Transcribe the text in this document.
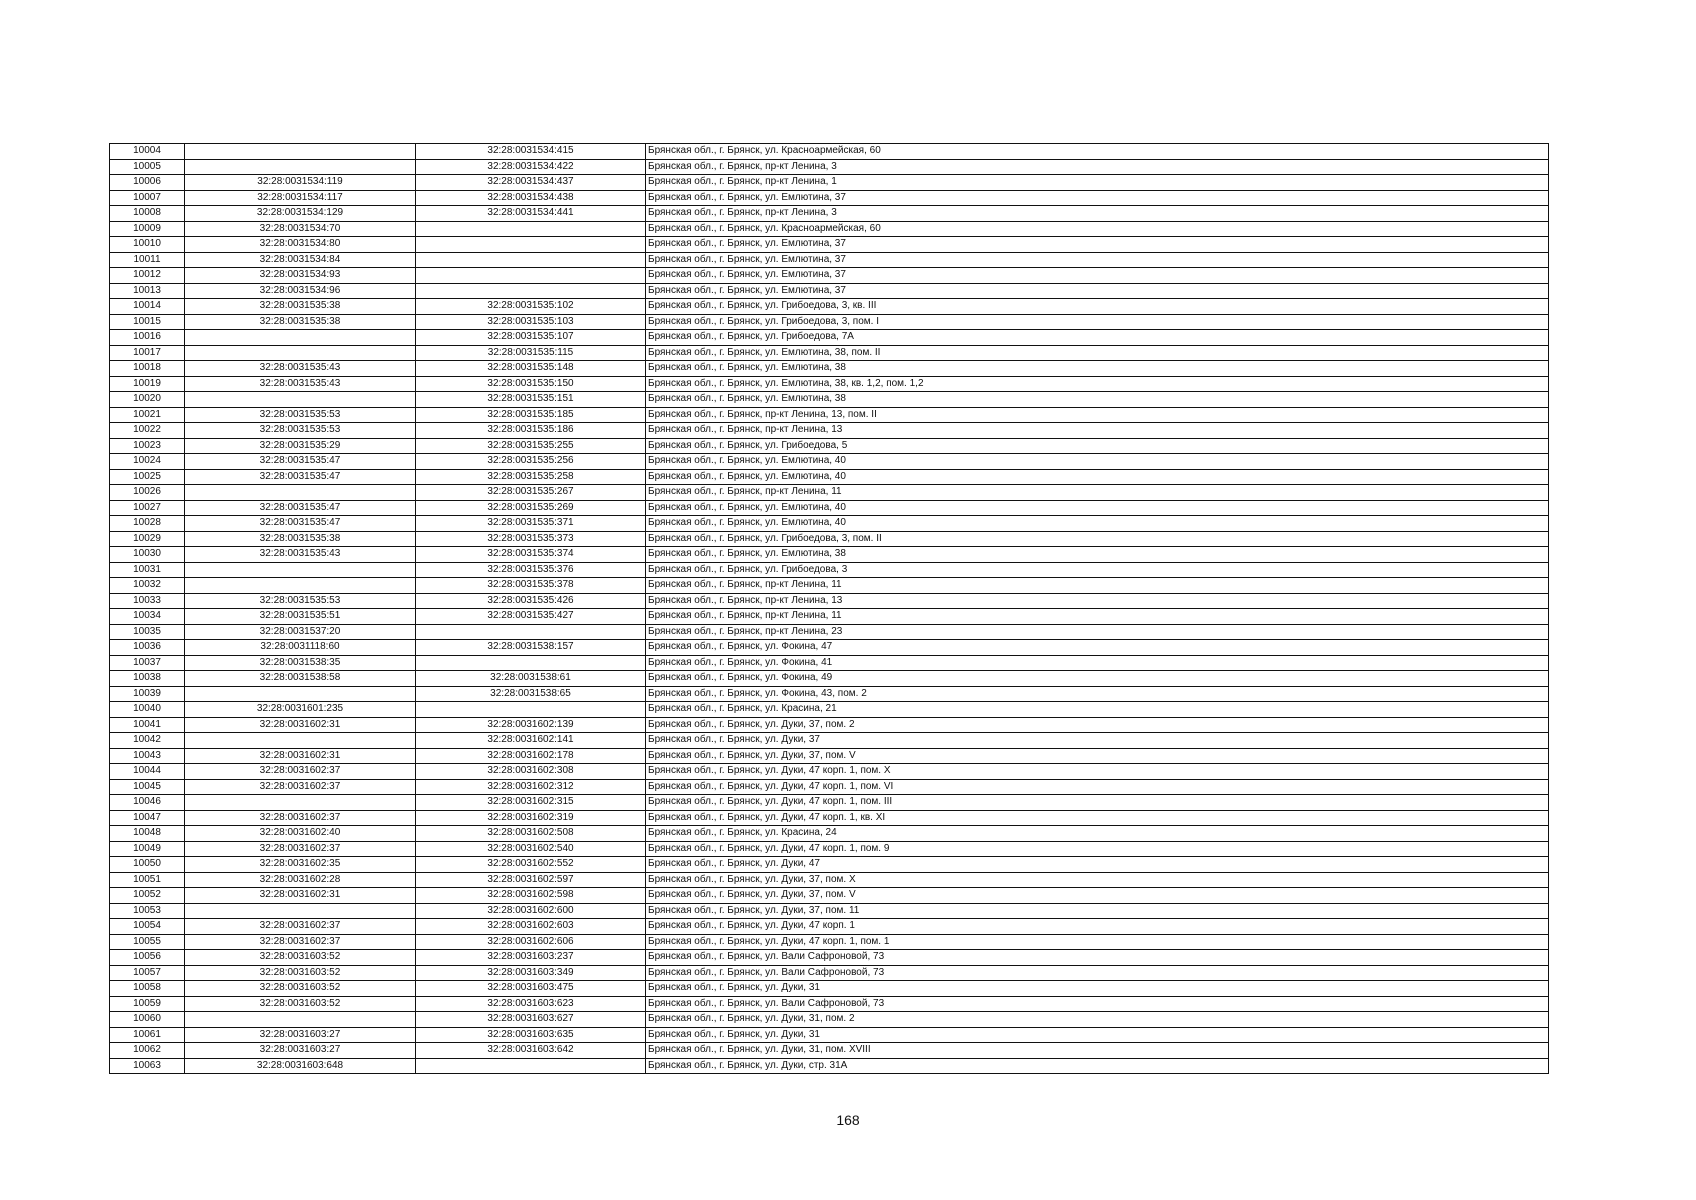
10004		32:28:0031534:415	Брянская обл., г. Брянск, ул. Красноармейская, 60
10005		32:28:0031534:422	Брянская обл., г. Брянск, пр-кт Ленина, 3
10006	32:28:0031534:119	32:28:0031534:437	Брянская обл., г. Брянск, пр-кт Ленина, 1
10007	32:28:0031534:117	32:28:0031534:438	Брянская обл., г. Брянск, ул. Емлютина, 37
10008	32:28:0031534:129	32:28:0031534:441	Брянская обл., г. Брянск, пр-кт Ленина, 3
10009	32:28:0031534:70		Брянская обл., г. Брянск, ул. Красноармейская, 60
10010	32:28:0031534:80		Брянская обл., г. Брянск, ул. Емлютина, 37
10011	32:28:0031534:84		Брянская обл., г. Брянск, ул. Емлютина, 37
10012	32:28:0031534:93		Брянская обл., г. Брянск, ул. Емлютина, 37
10013	32:28:0031534:96		Брянская обл., г. Брянск, ул. Емлютина, 37
10014	32:28:0031535:38	32:28:0031535:102	Брянская обл., г. Брянск, ул. Грибоедова, 3, кв. III
10015	32:28:0031535:38	32:28:0031535:103	Брянская обл., г. Брянск, ул. Грибоедова, 3, пом. I
10016		32:28:0031535:107	Брянская обл., г. Брянск, ул. Грибоедова, 7А
10017		32:28:0031535:115	Брянская обл., г. Брянск, ул. Емлютина, 38, пом. II
10018	32:28:0031535:43	32:28:0031535:148	Брянская обл., г. Брянск, ул. Емлютина, 38
10019	32:28:0031535:43	32:28:0031535:150	Брянская обл., г. Брянск, ул. Емлютина, 38, кв. 1,2, пом. 1,2
10020		32:28:0031535:151	Брянская обл., г. Брянск, ул. Емлютина, 38
10021	32:28:0031535:53	32:28:0031535:185	Брянская обл., г. Брянск, пр-кт Ленина, 13, пом. II
10022	32:28:0031535:53	32:28:0031535:186	Брянская обл., г. Брянск, пр-кт Ленина, 13
10023	32:28:0031535:29	32:28:0031535:255	Брянская обл., г. Брянск, ул. Грибоедова, 5
10024	32:28:0031535:47	32:28:0031535:256	Брянская обл., г. Брянск, ул. Емлютина, 40
10025	32:28:0031535:47	32:28:0031535:258	Брянская обл., г. Брянск, ул. Емлютина, 40
10026		32:28:0031535:267	Брянская обл., г. Брянск, пр-кт Ленина, 11
10027	32:28:0031535:47	32:28:0031535:269	Брянская обл., г. Брянск, ул. Емлютина, 40
10028	32:28:0031535:47	32:28:0031535:371	Брянская обл., г. Брянск, ул. Емлютина, 40
10029	32:28:0031535:38	32:28:0031535:373	Брянская обл., г. Брянск, ул. Грибоедова, 3, пом. II
10030	32:28:0031535:43	32:28:0031535:374	Брянская обл., г. Брянск, ул. Емлютина, 38
10031		32:28:0031535:376	Брянская обл., г. Брянск, ул. Грибоедова, 3
10032		32:28:0031535:378	Брянская обл., г. Брянск, пр-кт Ленина, 11
10033	32:28:0031535:53	32:28:0031535:426	Брянская обл., г. Брянск, пр-кт Ленина, 13
10034	32:28:0031535:51	32:28:0031535:427	Брянская обл., г. Брянск, пр-кт Ленина, 11
10035	32:28:0031537:20		Брянская обл., г. Брянск, пр-кт Ленина, 23
10036	32:28:0031118:60	32:28:0031538:157	Брянская обл., г. Брянск, ул. Фокина, 47
10037	32:28:0031538:35		Брянская обл., г. Брянск, ул. Фокина, 41
10038	32:28:0031538:58	32:28:0031538:61	Брянская обл., г. Брянск, ул. Фокина, 49
10039		32:28:0031538:65	Брянская обл., г. Брянск, ул. Фокина, 43, пом. 2
10040	32:28:0031601:235		Брянская обл., г. Брянск, ул. Красина, 21
10041	32:28:0031602:31	32:28:0031602:139	Брянская обл., г. Брянск, ул. Дуки, 37, пом. 2
10042		32:28:0031602:141	Брянская обл., г. Брянск, ул. Дуки, 37
10043	32:28:0031602:31	32:28:0031602:178	Брянская обл., г. Брянск, ул. Дуки, 37, пом. V
10044	32:28:0031602:37	32:28:0031602:308	Брянская обл., г. Брянск, ул. Дуки, 47 корп. 1, пом. X
10045	32:28:0031602:37	32:28:0031602:312	Брянская обл., г. Брянск, ул. Дуки, 47 корп. 1, пом. VI
10046		32:28:0031602:315	Брянская обл., г. Брянск, ул. Дуки, 47 корп. 1, пом. III
10047	32:28:0031602:37	32:28:0031602:319	Брянская обл., г. Брянск, ул. Дуки, 47 корп. 1, кв. XI
10048	32:28:0031602:40	32:28:0031602:508	Брянская обл., г. Брянск, ул. Красина, 24
10049	32:28:0031602:37	32:28:0031602:540	Брянская обл., г. Брянск, ул. Дуки, 47 корп. 1, пом. 9
10050	32:28:0031602:35	32:28:0031602:552	Брянская обл., г. Брянск, ул. Дуки, 47
10051	32:28:0031602:28	32:28:0031602:597	Брянская обл., г. Брянск, ул. Дуки, 37, пом. X
10052	32:28:0031602:31	32:28:0031602:598	Брянская обл., г. Брянск, ул. Дуки, 37, пом. V
10053		32:28:0031602:600	Брянская обл., г. Брянск, ул. Дуки, 37, пом. 11
10054	32:28:0031602:37	32:28:0031602:603	Брянская обл., г. Брянск, ул. Дуки, 47 корп. 1
10055	32:28:0031602:37	32:28:0031602:606	Брянская обл., г. Брянск, ул. Дуки, 47 корп. 1, пом. 1
10056	32:28:0031603:52	32:28:0031603:237	Брянская обл., г. Брянск, ул. Вали Сафроновой, 73
10057	32:28:0031603:52	32:28:0031603:349	Брянская обл., г. Брянск, ул. Вали Сафроновой, 73
10058	32:28:0031603:52	32:28:0031603:475	Брянская обл., г. Брянск, ул. Дуки, 31
10059	32:28:0031603:52	32:28:0031603:623	Брянская обл., г. Брянск, ул. Вали Сафроновой, 73
10060		32:28:0031603:627	Брянская обл., г. Брянск, ул. Дуки, 31, пом. 2
10061	32:28:0031603:27	32:28:0031603:635	Брянская обл., г. Брянск, ул. Дуки, 31
10062	32:28:0031603:27	32:28:0031603:642	Брянская обл., г. Брянск, ул. Дуки, 31, пом. XVIII
10063	32:28:0031603:648		Брянская обл., г. Брянск, ул. Дуки, стр. 31А
168
